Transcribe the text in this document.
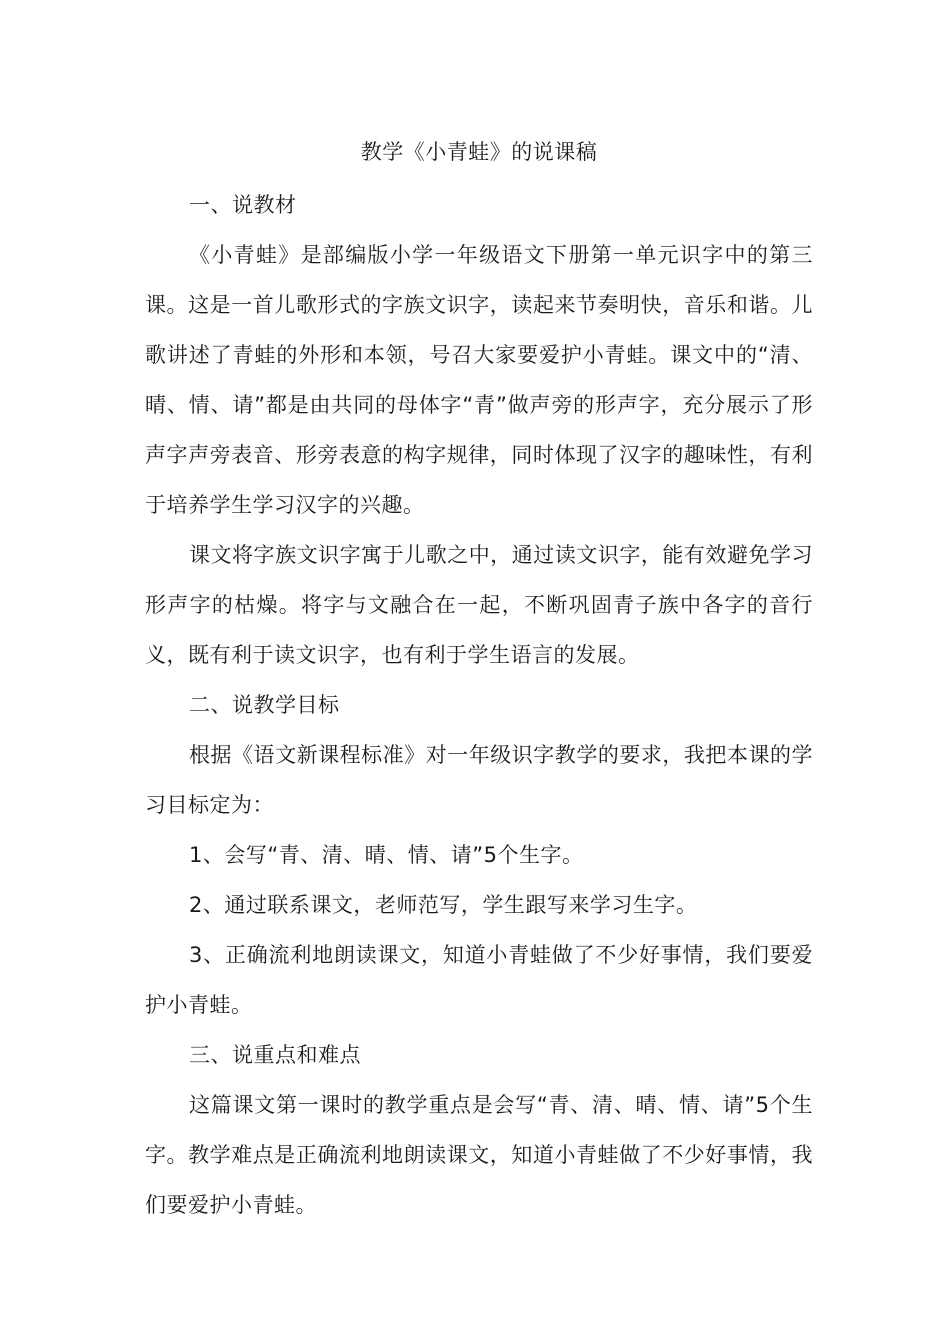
教学《小青蛙》的说课稿
一、说教材
《小青蛙》是部编版小学一年级语文下册第一单元识字中的第三课。这是一首儿歌形式的字族文识字，读起来节奏明快，音乐和谐。儿歌讲述了青蛙的外形和本领，号召大家要爱护小青蛙。课文中的“清、晴、情、请”都是由共同的母体字“青”做声旁的形声字，充分展示了形声字声旁表音、形旁表意的构字规律，同时体现了汉字的趣味性，有利于培养学生学习汉字的兴趣。
课文将字族文识字寓于儿歌之中，通过读文识字，能有效避免学习形声字的枯燥。将字与文融合在一起，不断巩固青子族中各字的音行义，既有利于读文识字，也有利于学生语言的发展。
二、说教学目标
根据《语文新课程标准》对一年级识字教学的要求，我把本课的学习目标定为：
1、会写“青、清、晴、情、请”5个生字。
2、通过联系课文，老师范写，学生跟写来学习生字。
3、正确流利地朗读课文，知道小青蛙做了不少好事情，我们要爱护小青蛙。
三、说重点和难点
这篇课文第一课时的教学重点是会写“青、清、晴、情、请”5个生字。教学难点是正确流利地朗读课文，知道小青蛙做了不少好事情，我们要爱护小青蛙。
